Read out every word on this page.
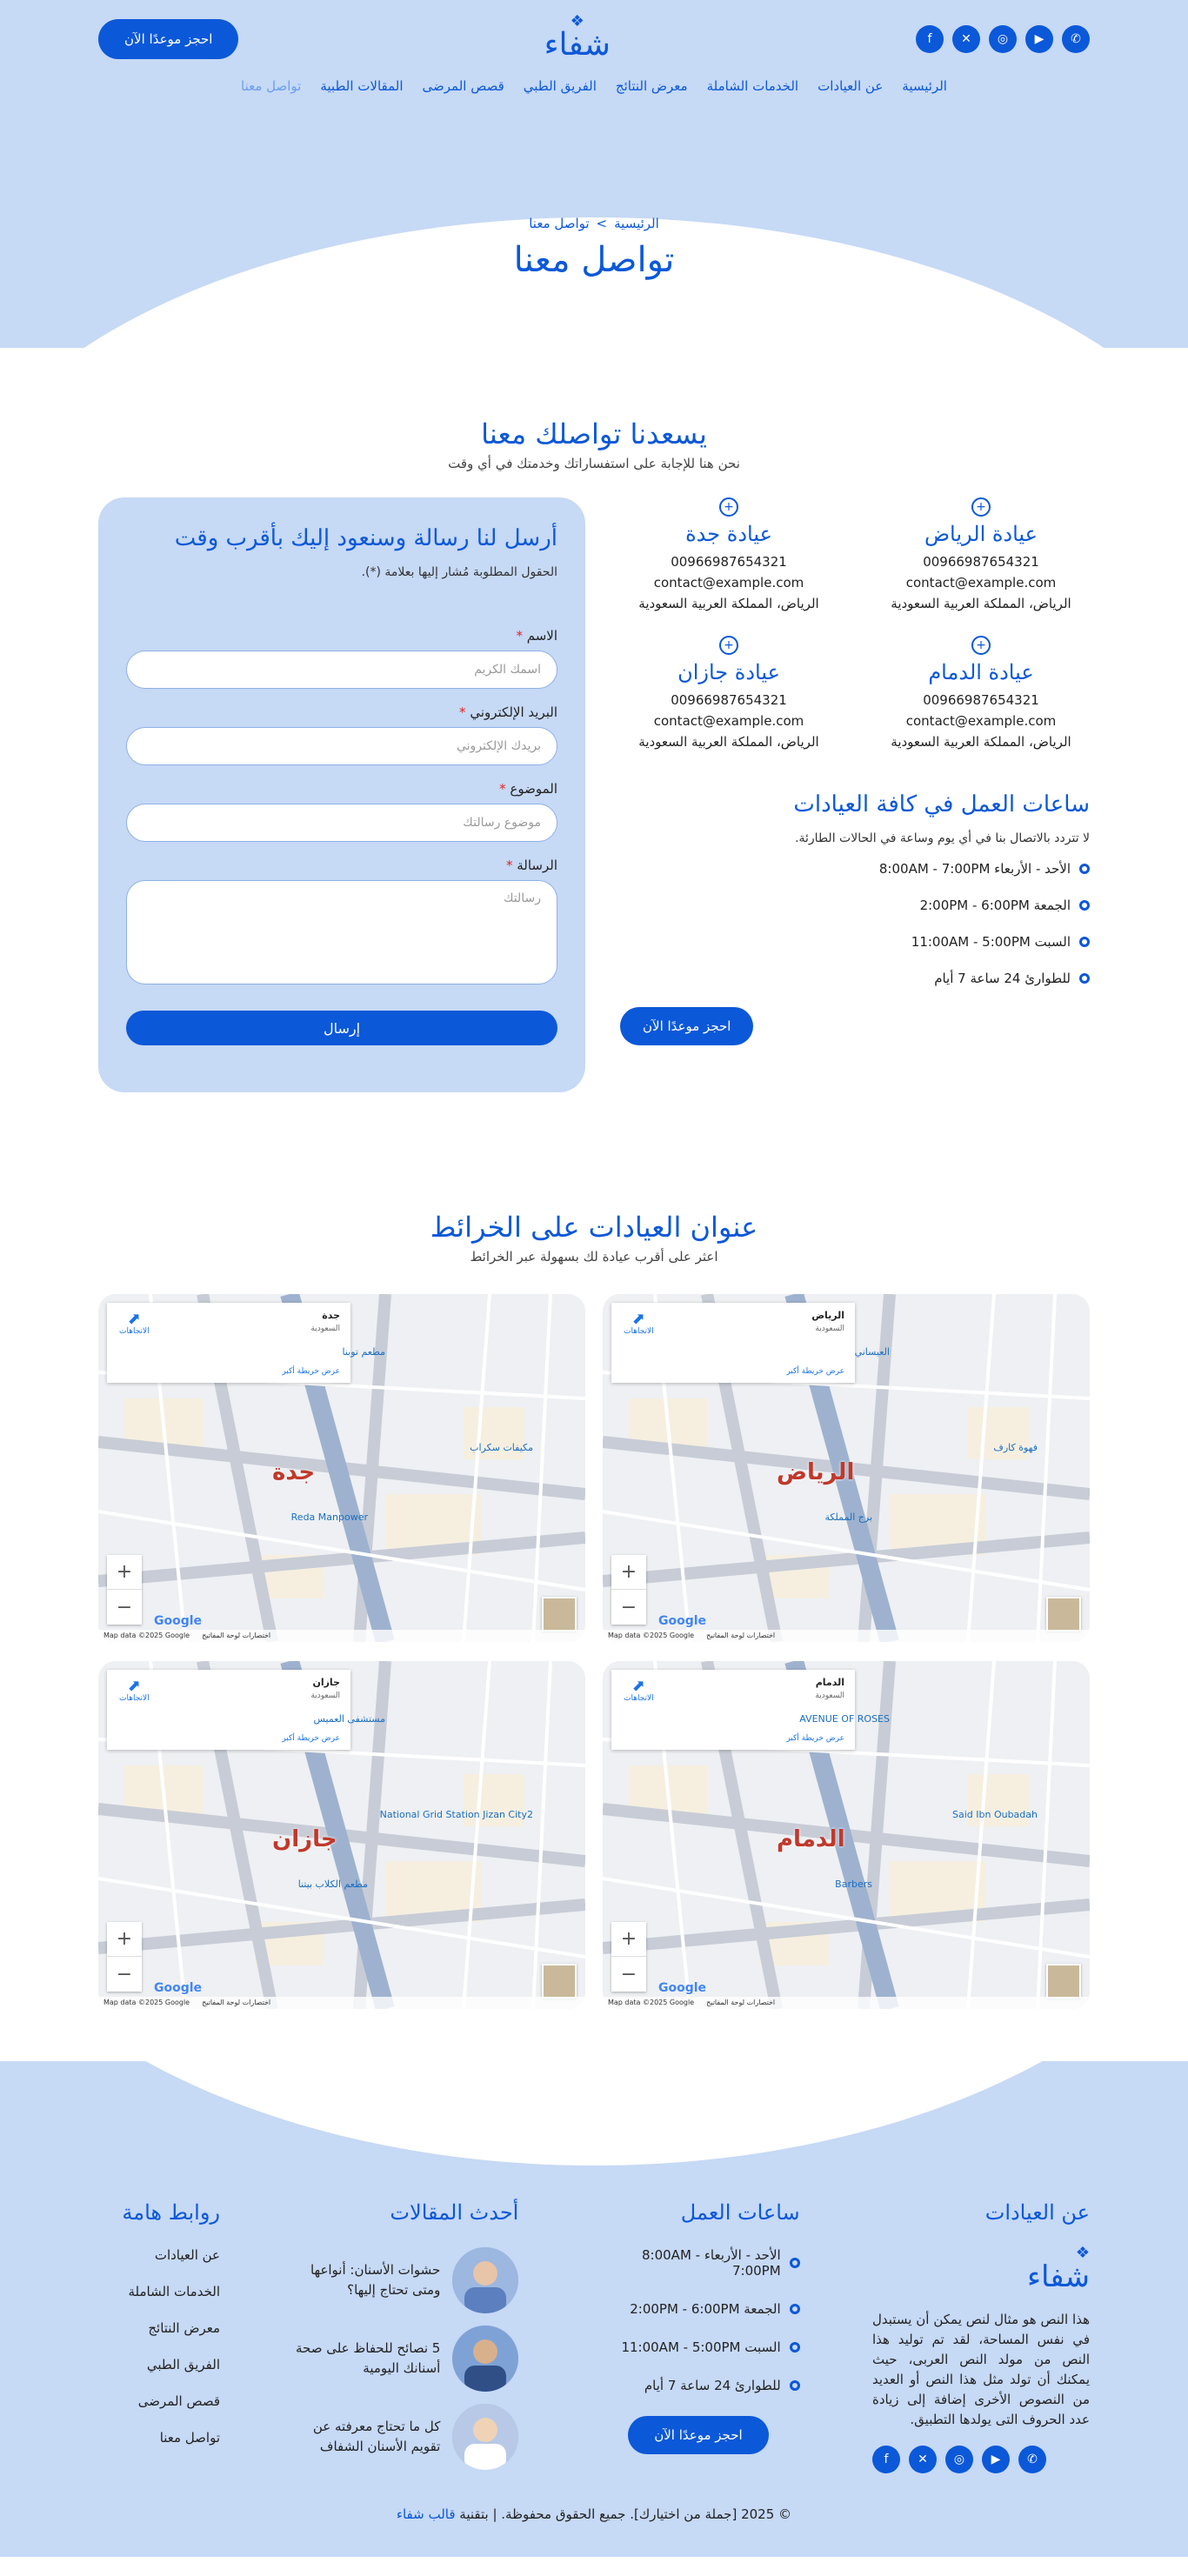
f	✕	◎	▶	✆
❖
شفاء
احجز موعدًا الآن
الرئيسية
عن العيادات
الخدمات الشاملة
معرض النتائج
الفريق الطبي
قصص المرضى
المقالات الطبية
تواصل معنا
الرئيسية
>
تواصل معنا
تواصل معنا
يسعدنا تواصلك معنا

نحن هنا للإجابة على استفساراتك وخدمتك في أي وقت

+
عيادة الرياض

00966987654321

contact@example.com

الرياض، المملكة العربية السعودية

+
عيادة جدة

00966987654321

contact@example.com

الرياض، المملكة العربية السعودية

+
عيادة الدمام

00966987654321

contact@example.com

الرياض، المملكة العربية السعودية

+
عيادة جازان

00966987654321

contact@example.com

الرياض، المملكة العربية السعودية

ساعات العمل في كافة العيادات

لا تتردد بالاتصال بنا في أي يوم وساعة في الحالات الطارئة.

الأحد - الأربعاء 8:00AM - 7:00PM
الجمعة 2:00PM - 6:00PM
السبت 11:00AM - 5:00PM
للطوارئ 24 ساعة 7 أيام
احجز موعدًا الآن
أرسل لنا رسالة وسنعود إليك بأقرب وقت

الحقول المطلوبة مُشار إليها بعلامة (*).

الاسم *
اسمك الكريم
البريد الإلكتروني *
بريدك الإلكتروني
الموضوع *
موضوع رسالتك
الرسالة *
رسالتك
إرسال
عنوان العيادات على الخرائط

اعثر على أقرب عيادة لك بسهولة عبر الخرائط

الرياض
السعودية
⬈
الاتجاهات
عرض خريطة أكبر
فهوة كارف
برج المملكة
العيساني
الرياض
+
−
Google
Map data ©2025 Google اختصارات لوحة المفاتيح
جدة
السعودية
⬈
الاتجاهات
عرض خريطة أكبر
مكيفات سكراب
Reda Manpower
مطعم توبنا
جدة
+
−
Google
Map data ©2025 Google اختصارات لوحة المفاتيح
الدمام
السعودية
⬈
الاتجاهات
عرض خريطة أكبر
Said Ibn Oubadah
Barbers
AVENUE OF ROSES
الدمام
+
−
Google
Map data ©2025 Google اختصارات لوحة المفاتيح
جازان
السعودية
⬈
الاتجاهات
عرض خريطة أكبر
National Grid Station Jizan City2
مطعم الكلاب بيتنا
مستشفى العميس
جازان
+
−
Google
Map data ©2025 Google اختصارات لوحة المفاتيح
عن العيادات
❖
شفاء

هذا النص هو مثال لنص يمكن أن يستبدل في نفس المساحة، لقد تم توليد هذا النص من مولد النص العربى، حيث يمكنك أن تولد مثل هذا النص أو العديد من النصوص الأخرى إضافة إلى زيادة عدد الحروف التى يولدها التطبيق.

f	✕	◎	▶	✆
ساعات العمل
الأحد - الأربعاء 8:00AM - 7:00PM
الجمعة 2:00PM - 6:00PM
السبت 11:00AM - 5:00PM
للطوارئ 24 ساعة 7 أيام
احجز موعدًا الآن
أحدث المقالات

حشوات الأسنان: أنواعها ومتى تحتاج إليها؟

5 نصائح للحفاظ على صحة أسنانك اليومية

كل ما تحتاج معرفته عن تقويم الأسنان الشفاف

روابط هامة
عن العيادات
الخدمات الشاملة
معرض النتائج
الفريق الطبي
قصص المرضى
تواصل معنا
© 2025 [جملة من اختيارك]. جميع الحقوق محفوظة. | بتقنية قالب شفاء
